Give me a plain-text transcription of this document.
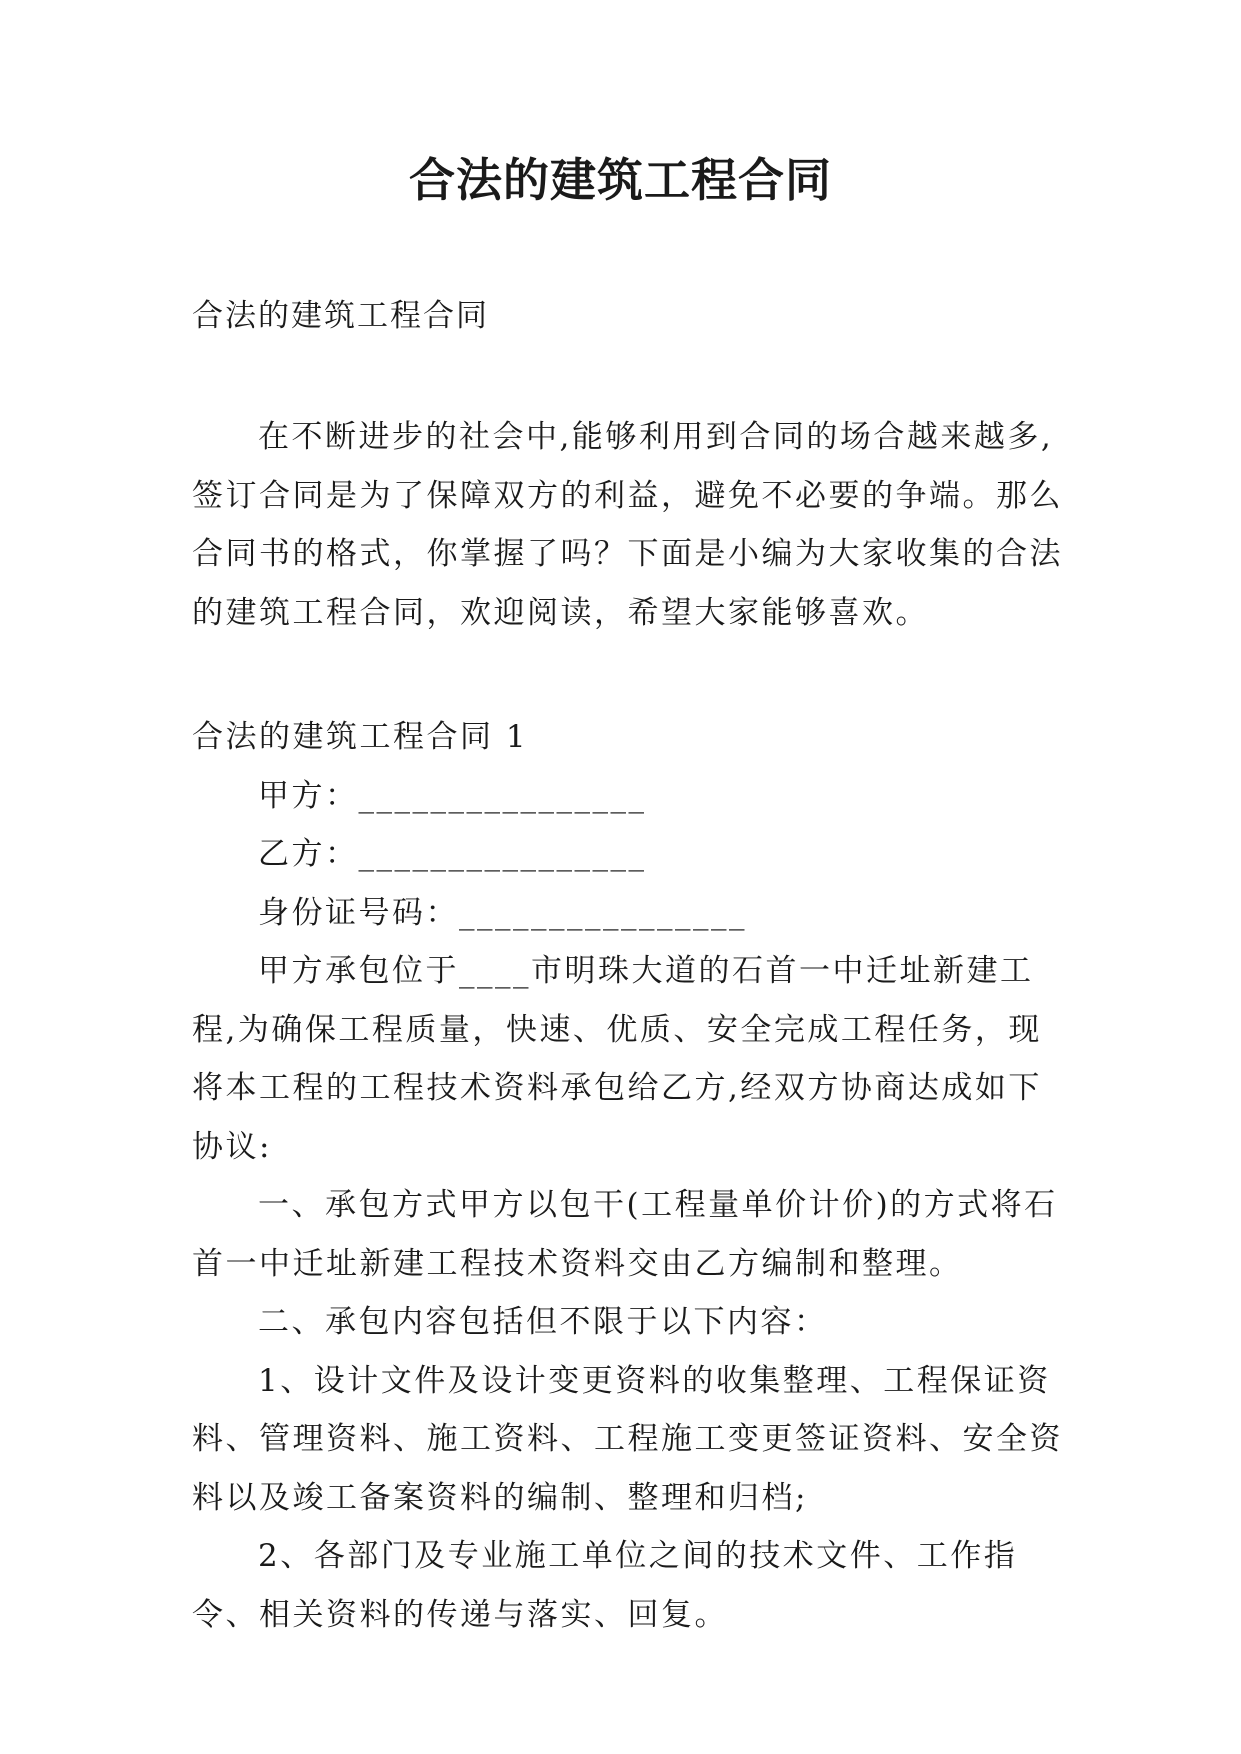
合法的建筑工程合同
合法的建筑工程合同

在不断进步的社会中,能够利用到合同的场合越来越多,签订合同是为了保障双方的利益，避免不必要的争端。那么合同书的格式，你掌握了吗？下面是小编为大家收集的合法的建筑工程合同，欢迎阅读，希望大家能够喜欢。

合法的建筑工程合同 1

甲方：________________

乙方：________________

身份证号码：________________

甲方承包位于____市明珠大道的石首一中迁址新建工程,为确保工程质量，快速、优质、安全完成工程任务，现将本工程的工程技术资料承包给乙方,经双方协商达成如下协议:

一、承包方式甲方以包干(工程量单价计价)的方式将石首一中迁址新建工程技术资料交由乙方编制和整理。

二、承包内容包括但不限于以下内容：

1、设计文件及设计变更资料的收集整理、工程保证资料、管理资料、施工资料、工程施工变更签证资料、安全资料以及竣工备案资料的编制、整理和归档;

2、各部门及专业施工单位之间的技术文件、工作指令、相关资料的传递与落实、回复。
